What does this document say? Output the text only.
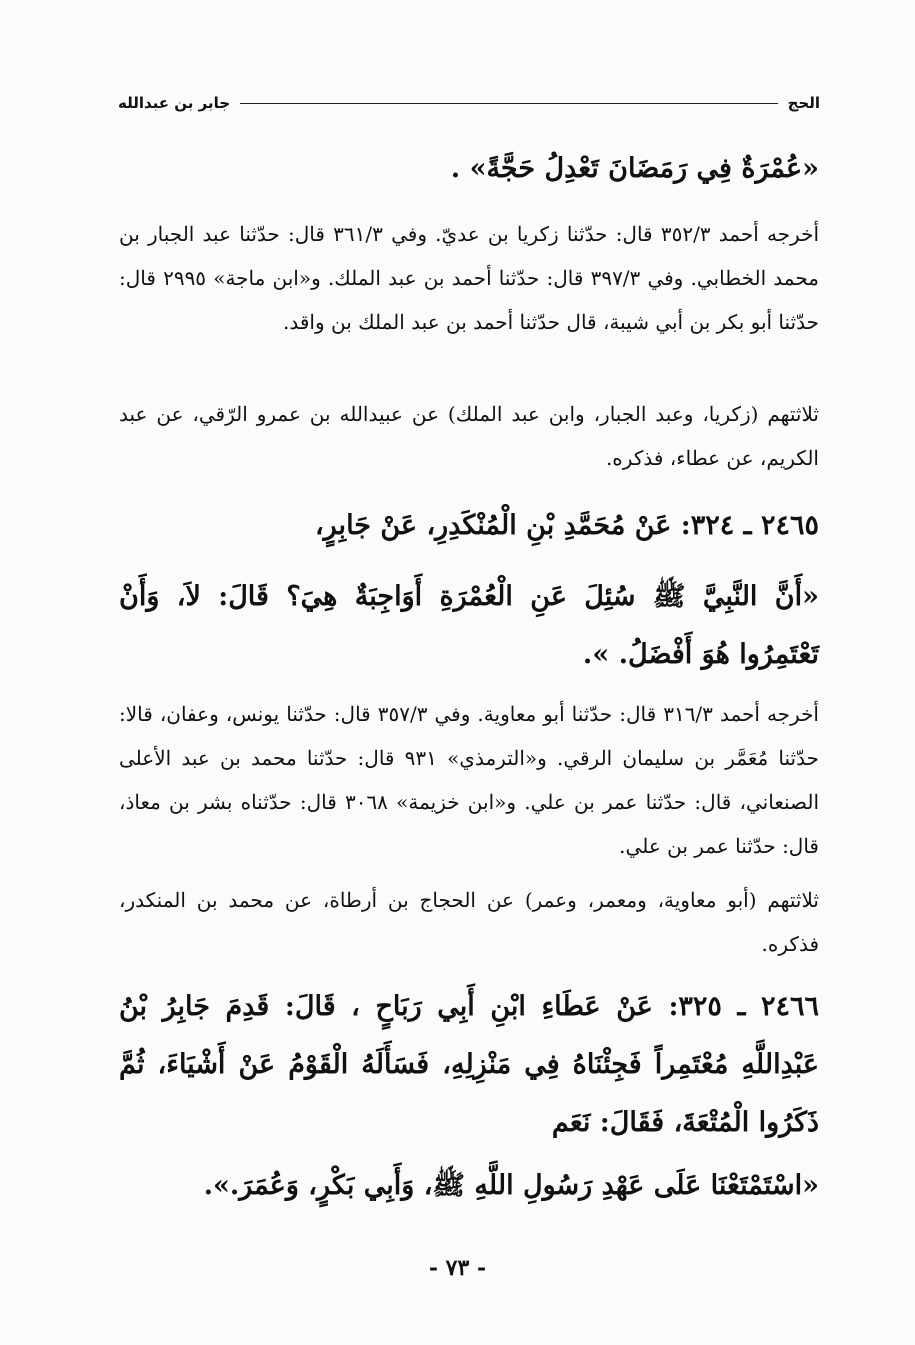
الحج
جابر بن عبدالله
«عُمْرَةٌ فِي رَمَضَانَ تَعْدِلُ حَجَّةً» .
أخرجه أحمد ٣٥٢/٣ قال: حدّثنا زكريا بن عديّ. وفي ٣٦١/٣ قال: حدّثنا عبد الجبار بن محمد الخطابي. وفي ٣٩٧/٣ قال: حدّثنا أحمد بن عبد الملك. و«ابن ماجة» ٢٩٩٥ قال: حدّثنا أبو بكر بن أبي شيبة، قال حدّثنا أحمد بن عبد الملك بن واقد.
ثلاثتهم (زكريا، وعبد الجبار، وابن عبد الملك) عن عبيدالله بن عمرو الرّقي، عن عبد الكريم، عن عطاء، فذكره.
٢٤٦٥ ـ ٣٢٤: عَنْ مُحَمَّدِ بْنِ الْمُنْكَدِرِ، عَنْ جَابِرٍ،
«أَنَّ النَّبِيَّ ﷺ سُئِلَ عَنِ الْعُمْرَةِ أَوَاجِبَةٌ هِيَ؟ قَالَ: لاَ، وَأَنْ تَعْتَمِرُوا هُوَ أَفْضَلُ. ».
أخرجه أحمد ٣١٦/٣ قال: حدّثنا أبو معاوية. وفي ٣٥٧/٣ قال: حدّثنا يونس، وعفان، قالا: حدّثنا مُعَمَّر بن سليمان الرقي. و«الترمذي» ٩٣١ قال: حدّثنا محمد بن عبد الأعلى الصنعاني، قال: حدّثنا عمر بن علي. و«ابن خزيمة» ٣٠٦٨ قال: حدّثناه بشر بن معاذ، قال: حدّثنا عمر بن علي.
ثلاثتهم (أبو معاوية، ومعمر، وعمر) عن الحجاج بن أرطاة، عن محمد بن المنكدر، فذكره.
٢٤٦٦ ـ ٣٢٥: عَنْ عَطَاءِ ابْنِ أَبِي رَبَاحٍ ، قَالَ: قَدِمَ جَابِرُ بْنُ عَبْدِاللَّهِ مُعْتَمِراً فَجِئْنَاهُ فِي مَنْزِلِهِ، فَسَأَلَهُ الْقَوْمُ عَنْ أَشْيَاءَ، ثُمَّ ذَكَرُوا الْمُتْعَةَ، فَقَالَ: نَعَم
«اسْتَمْتَعْنَا عَلَى عَهْدِ رَسُولِ اللَّهِ ﷺ، وَأَبِي بَكْرٍ، وَعُمَرَ.».
- ٧٣ -
